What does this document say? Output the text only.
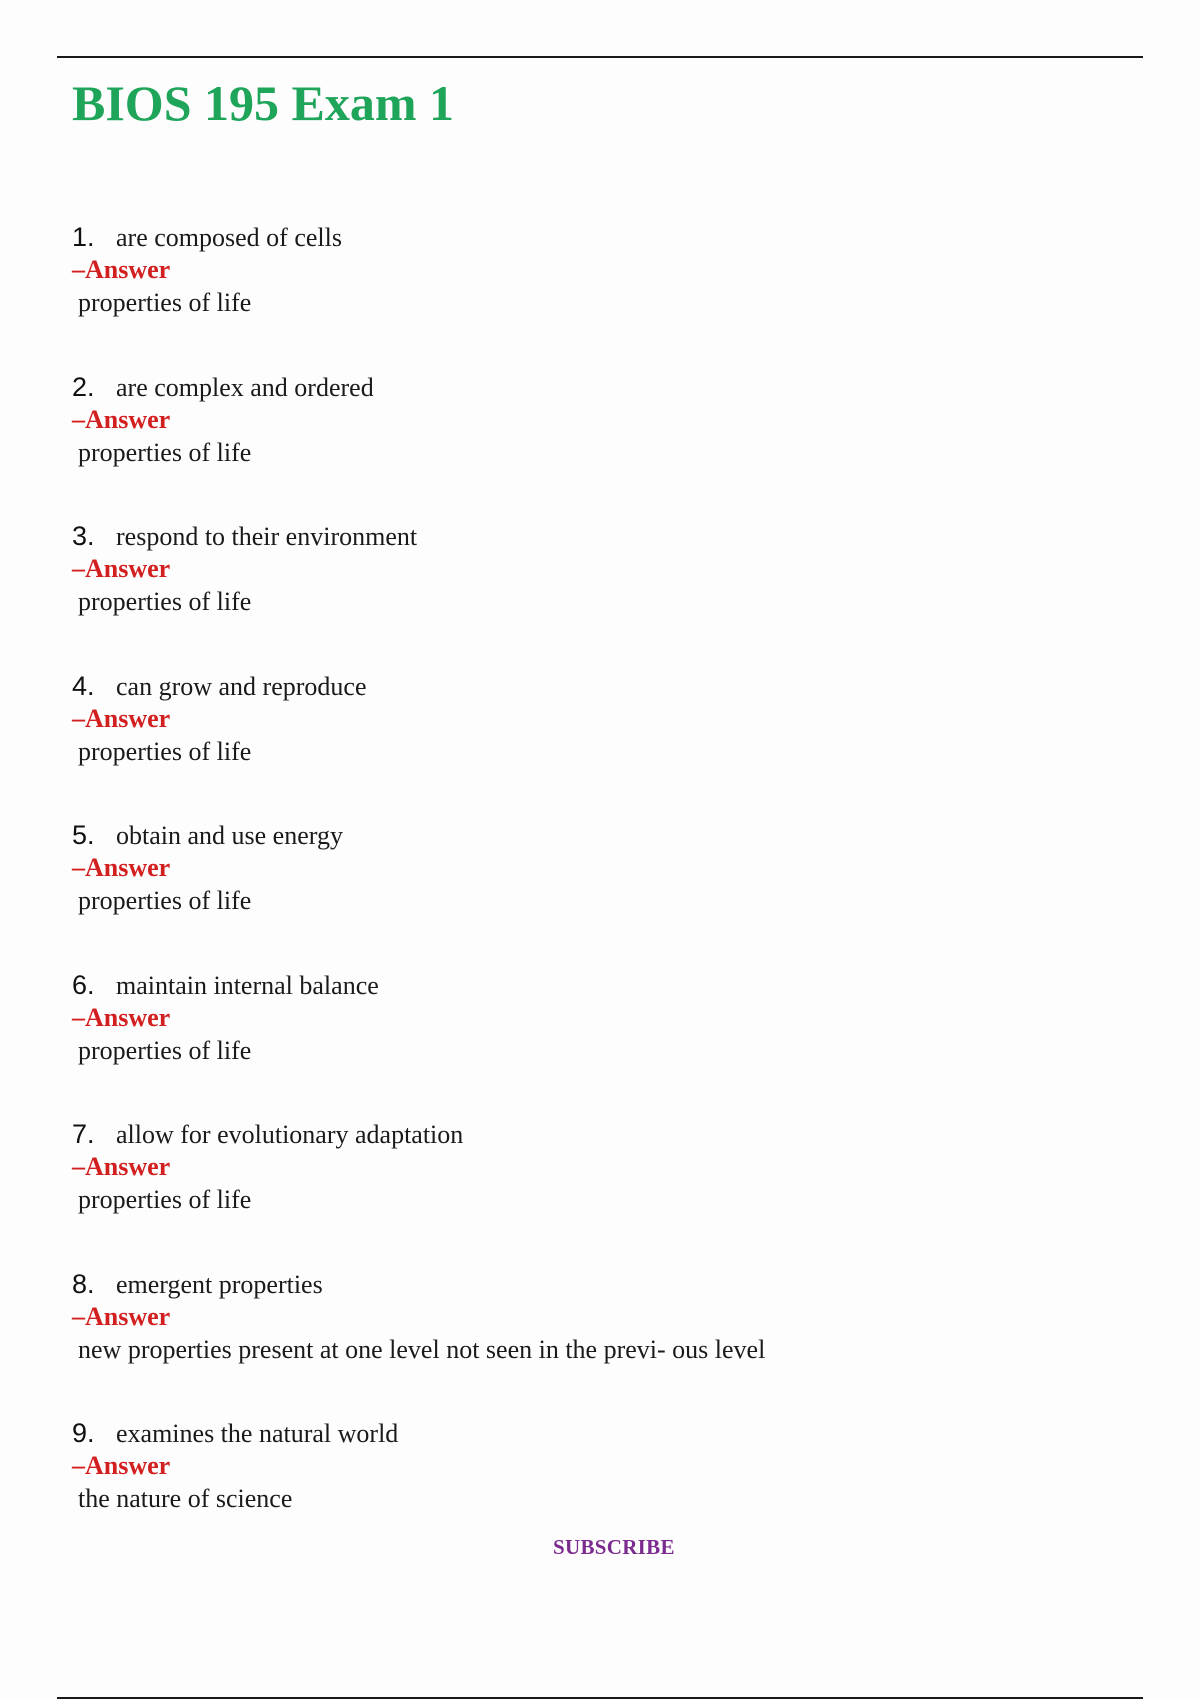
BIOS 195 Exam 1
1. are composed of cells
–Answer
properties of life
2. are complex and ordered
–Answer
properties of life
3. respond to their environment
–Answer
properties of life
4. can grow and reproduce
–Answer
properties of life
5. obtain and use energy
–Answer
properties of life
6. maintain internal balance
–Answer
properties of life
7. allow for evolutionary adaptation
–Answer
properties of life
8. emergent properties
–Answer
new properties present at one level not seen in the previ- ous level
9. examines the natural world
–Answer
the nature of science
SUBSCRIBE
